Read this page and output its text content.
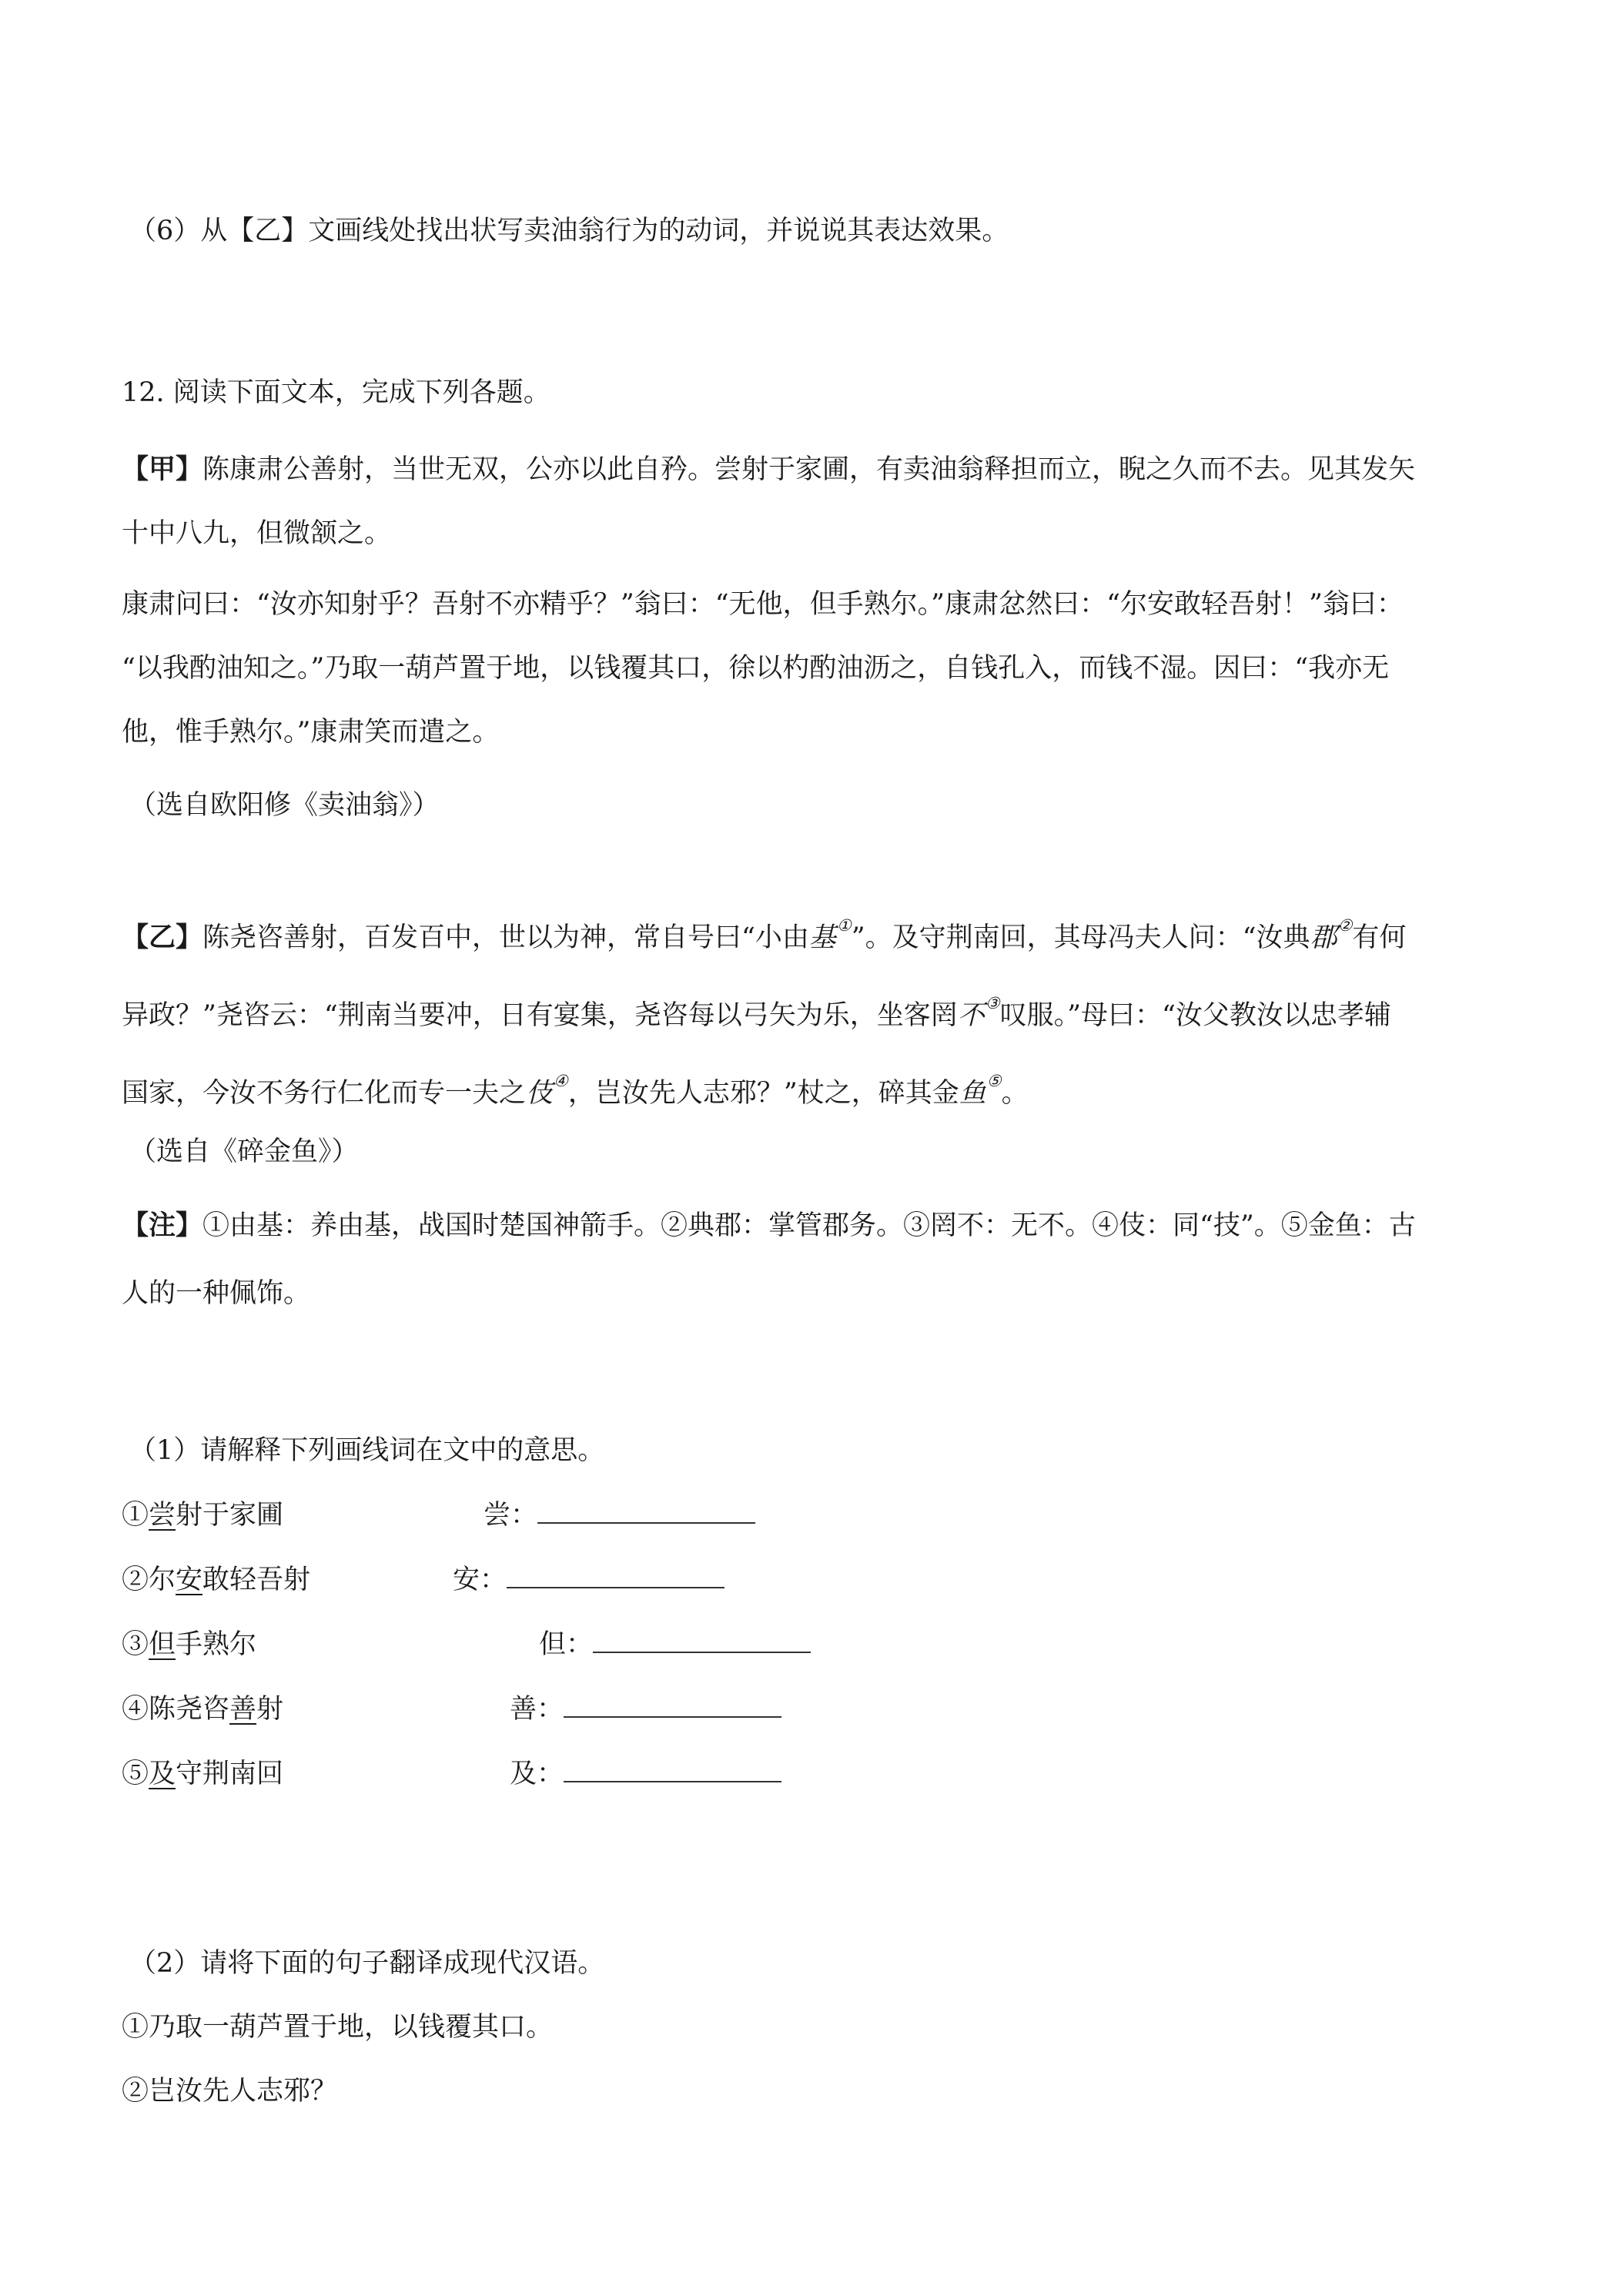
（6）从【乙】文画线处找出状写卖油翁行为的动词，并说说其表达效果。
12. 阅读下面文本，完成下列各题。
【甲】陈康肃公善射，当世无双，公亦以此自矜。尝射于家圃，有卖油翁释担而立，睨之久而不去。见其发矢
十中八九，但微颔之。
康肃问曰：“汝亦知射乎？吾射不亦精乎？”翁曰：“无他，但手熟尔。”康肃忿然曰：“尔安敢轻吾射！”翁曰：
“以我酌油知之。”乃取一葫芦置于地，以钱覆其口，徐以杓酌油沥之，自钱孔入，而钱不湿。因曰：“我亦无
他，惟手熟尔。”康肃笑而遣之。
（选自欧阳修《卖油翁》）
【乙】陈尧咨善射，百发百中，世以为神，常自号曰“小由基①”。及守荆南回，其母冯夫人问：“汝典郡②有何
异政？”尧咨云：“荆南当要冲，日有宴集，尧咨每以弓矢为乐，坐客罔不③叹服。”母曰：“汝父教汝以忠孝辅
国家，今汝不务行仁化而专一夫之伎④，岂汝先人志邪？”杖之，碎其金鱼⑤。
（选自《碎金鱼》）
【注】①由基：养由基，战国时楚国神箭手。②典郡：掌管郡务。③罔不：无不。④伎：同“技”。⑤金鱼：古
人的一种佩饰。
（1）请解释下列画线词在文中的意思。
①尝射于家圃	尝：
②尔安敢轻吾射	安：
③但手熟尔	但：
④陈尧咨善射	善：
⑤及守荆南回	及：
（2）请将下面的句子翻译成现代汉语。
①乃取一葫芦置于地，以钱覆其口。
②岂汝先人志邪？
